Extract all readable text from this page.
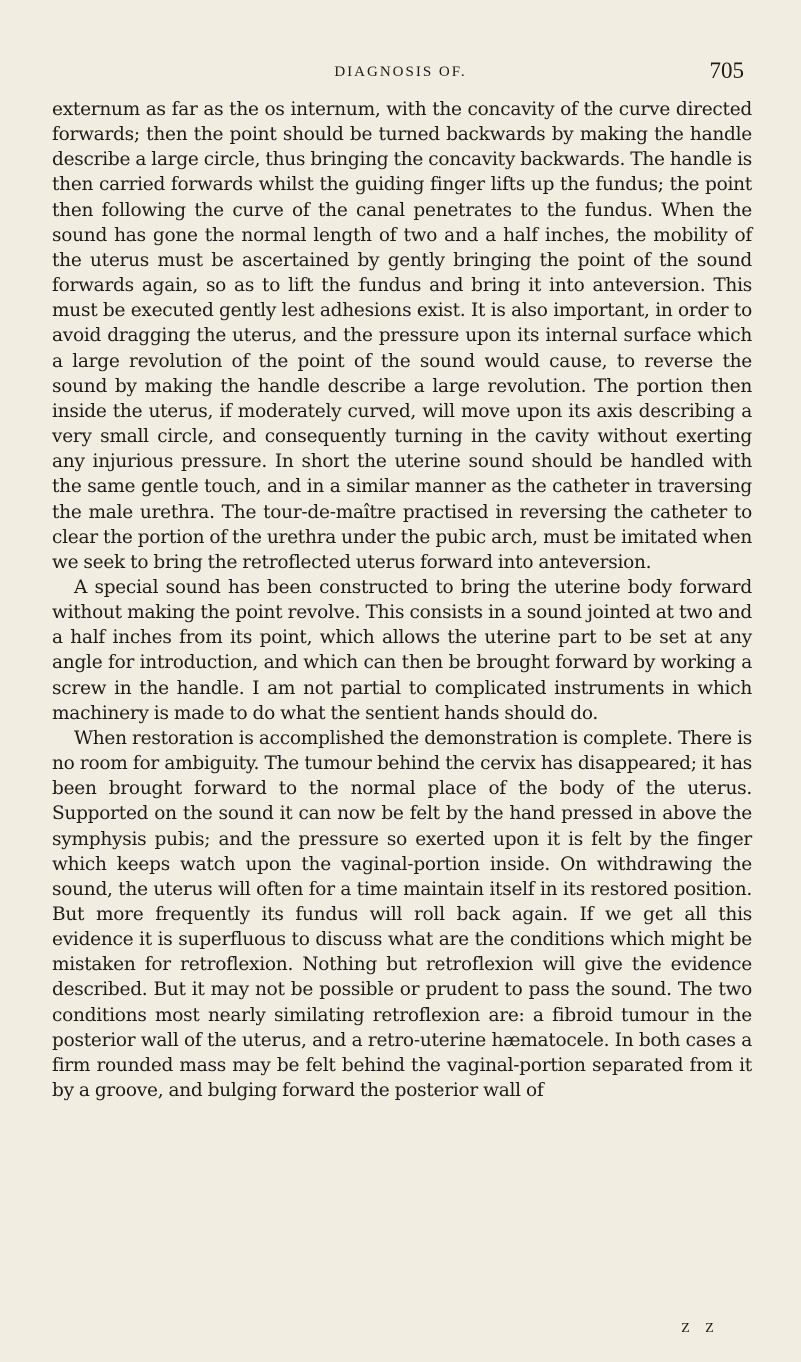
DIAGNOSIS OF.	705

externum as far as the os internum, with the concavity of the curve directed forwards; then the point should be turned backwards by making the handle describe a large circle, thus bringing the concavity backwards. The handle is then carried forwards whilst the guiding finger lifts up the fundus; the point then following the curve of the canal penetrates to the fundus. When the sound has gone the normal length of two and a half inches, the mobility of the uterus must be ascertained by gently bringing the point of the sound forwards again, so as to lift the fundus and bring it into anteversion. This must be executed gently lest adhesions exist. It is also important, in order to avoid dragging the uterus, and the pressure upon its internal surface which a large revolution of the point of the sound would cause, to reverse the sound by making the handle describe a large revolution. The portion then inside the uterus, if moderately curved, will move upon its axis describing a very small circle, and consequently turning in the cavity without exerting any injurious pressure. In short the uterine sound should be handled with the same gentle touch, and in a similar manner as the catheter in traversing the male urethra. The tour-de-maître practised in reversing the catheter to clear the portion of the urethra under the pubic arch, must be imitated when we seek to bring the retroflected uterus forward into anteversion.

A special sound has been constructed to bring the uterine body forward without making the point revolve. This consists in a sound jointed at two and a half inches from its point, which allows the uterine part to be set at any angle for introduction, and which can then be brought forward by working a screw in the handle. I am not partial to complicated instruments in which machinery is made to do what the sentient hands should do.

When restoration is accomplished the demonstration is complete. There is no room for ambiguity. The tumour behind the cervix has disappeared; it has been brought forward to the normal place of the body of the uterus. Supported on the sound it can now be felt by the hand pressed in above the symphysis pubis; and the pressure so exerted upon it is felt by the finger which keeps watch upon the vaginal-portion inside. On withdrawing the sound, the uterus will often for a time maintain itself in its restored position. But more frequently its fundus will roll back again. If we get all this evidence it is superfluous to discuss what are the conditions which might be mistaken for retroflexion. Nothing but retroflexion will give the evidence described. But it may not be possible or prudent to pass the sound. The two conditions most nearly similating retroflexion are: a fibroid tumour in the posterior wall of the uterus, and a retro-uterine hæmatocele. In both cases a firm rounded mass may be felt behind the vaginal-portion separated from it by a groove, and bulging forward the posterior wall of

Z Z
